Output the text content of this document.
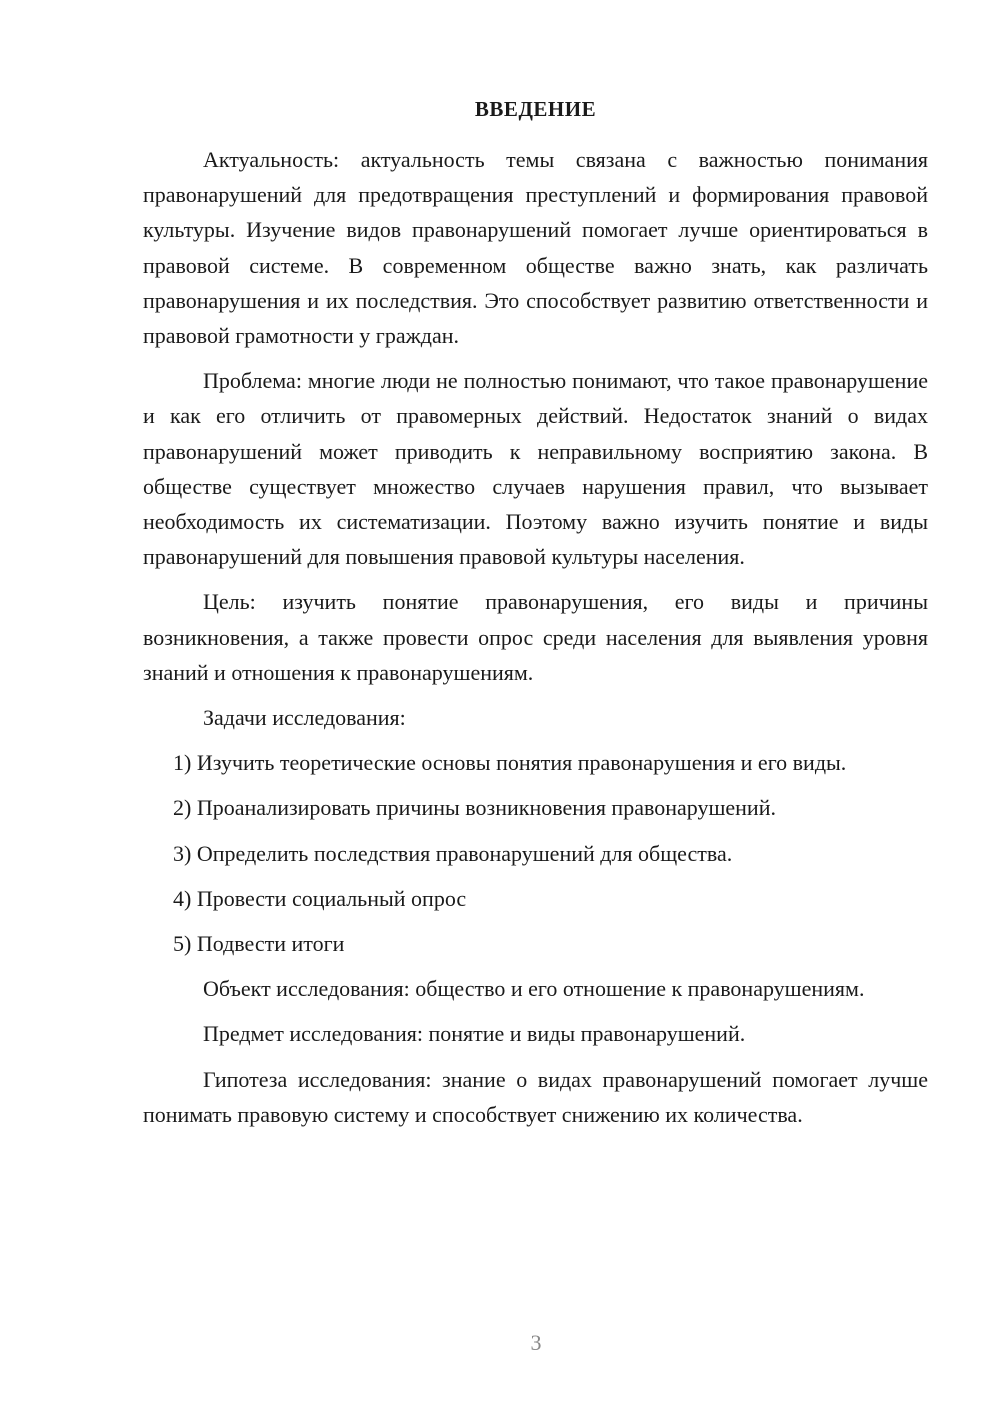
ВВЕДЕНИЕ

Актуальность: актуальность темы связана с важностью понимания правонарушений для предотвращения преступлений и формирования правовой культуры. Изучение видов правонарушений помогает лучше ориентироваться в правовой системе. В современном обществе важно знать, как различать правонарушения и их последствия. Это способствует развитию ответственности и правовой грамотности у граждан.

Проблема: многие люди не полностью понимают, что такое правонарушение и как его отличить от правомерных действий. Недостаток знаний о видах правонарушений может приводить к неправильному восприятию закона. В обществе существует множество случаев нарушения правил, что вызывает необходимость их систематизации. Поэтому важно изучить понятие и виды правонарушений для повышения правовой культуры населения.

Цель: изучить понятие правонарушения, его виды и причины возникновения, а также провести опрос среди населения для выявления уровня знаний и отношения к правонарушениям.

Задачи исследования:

1) Изучить теоретические основы понятия правонарушения и его виды.

2) Проанализировать причины возникновения правонарушений.

3) Определить последствия правонарушений для общества.

4) Провести социальный опрос

5) Подвести итоги

Объект исследования: общество и его отношение к правонарушениям.

Предмет исследования: понятие и виды правонарушений.

Гипотеза исследования: знание о видах правонарушений помогает лучше понимать правовую систему и способствует снижению их количества.

3
